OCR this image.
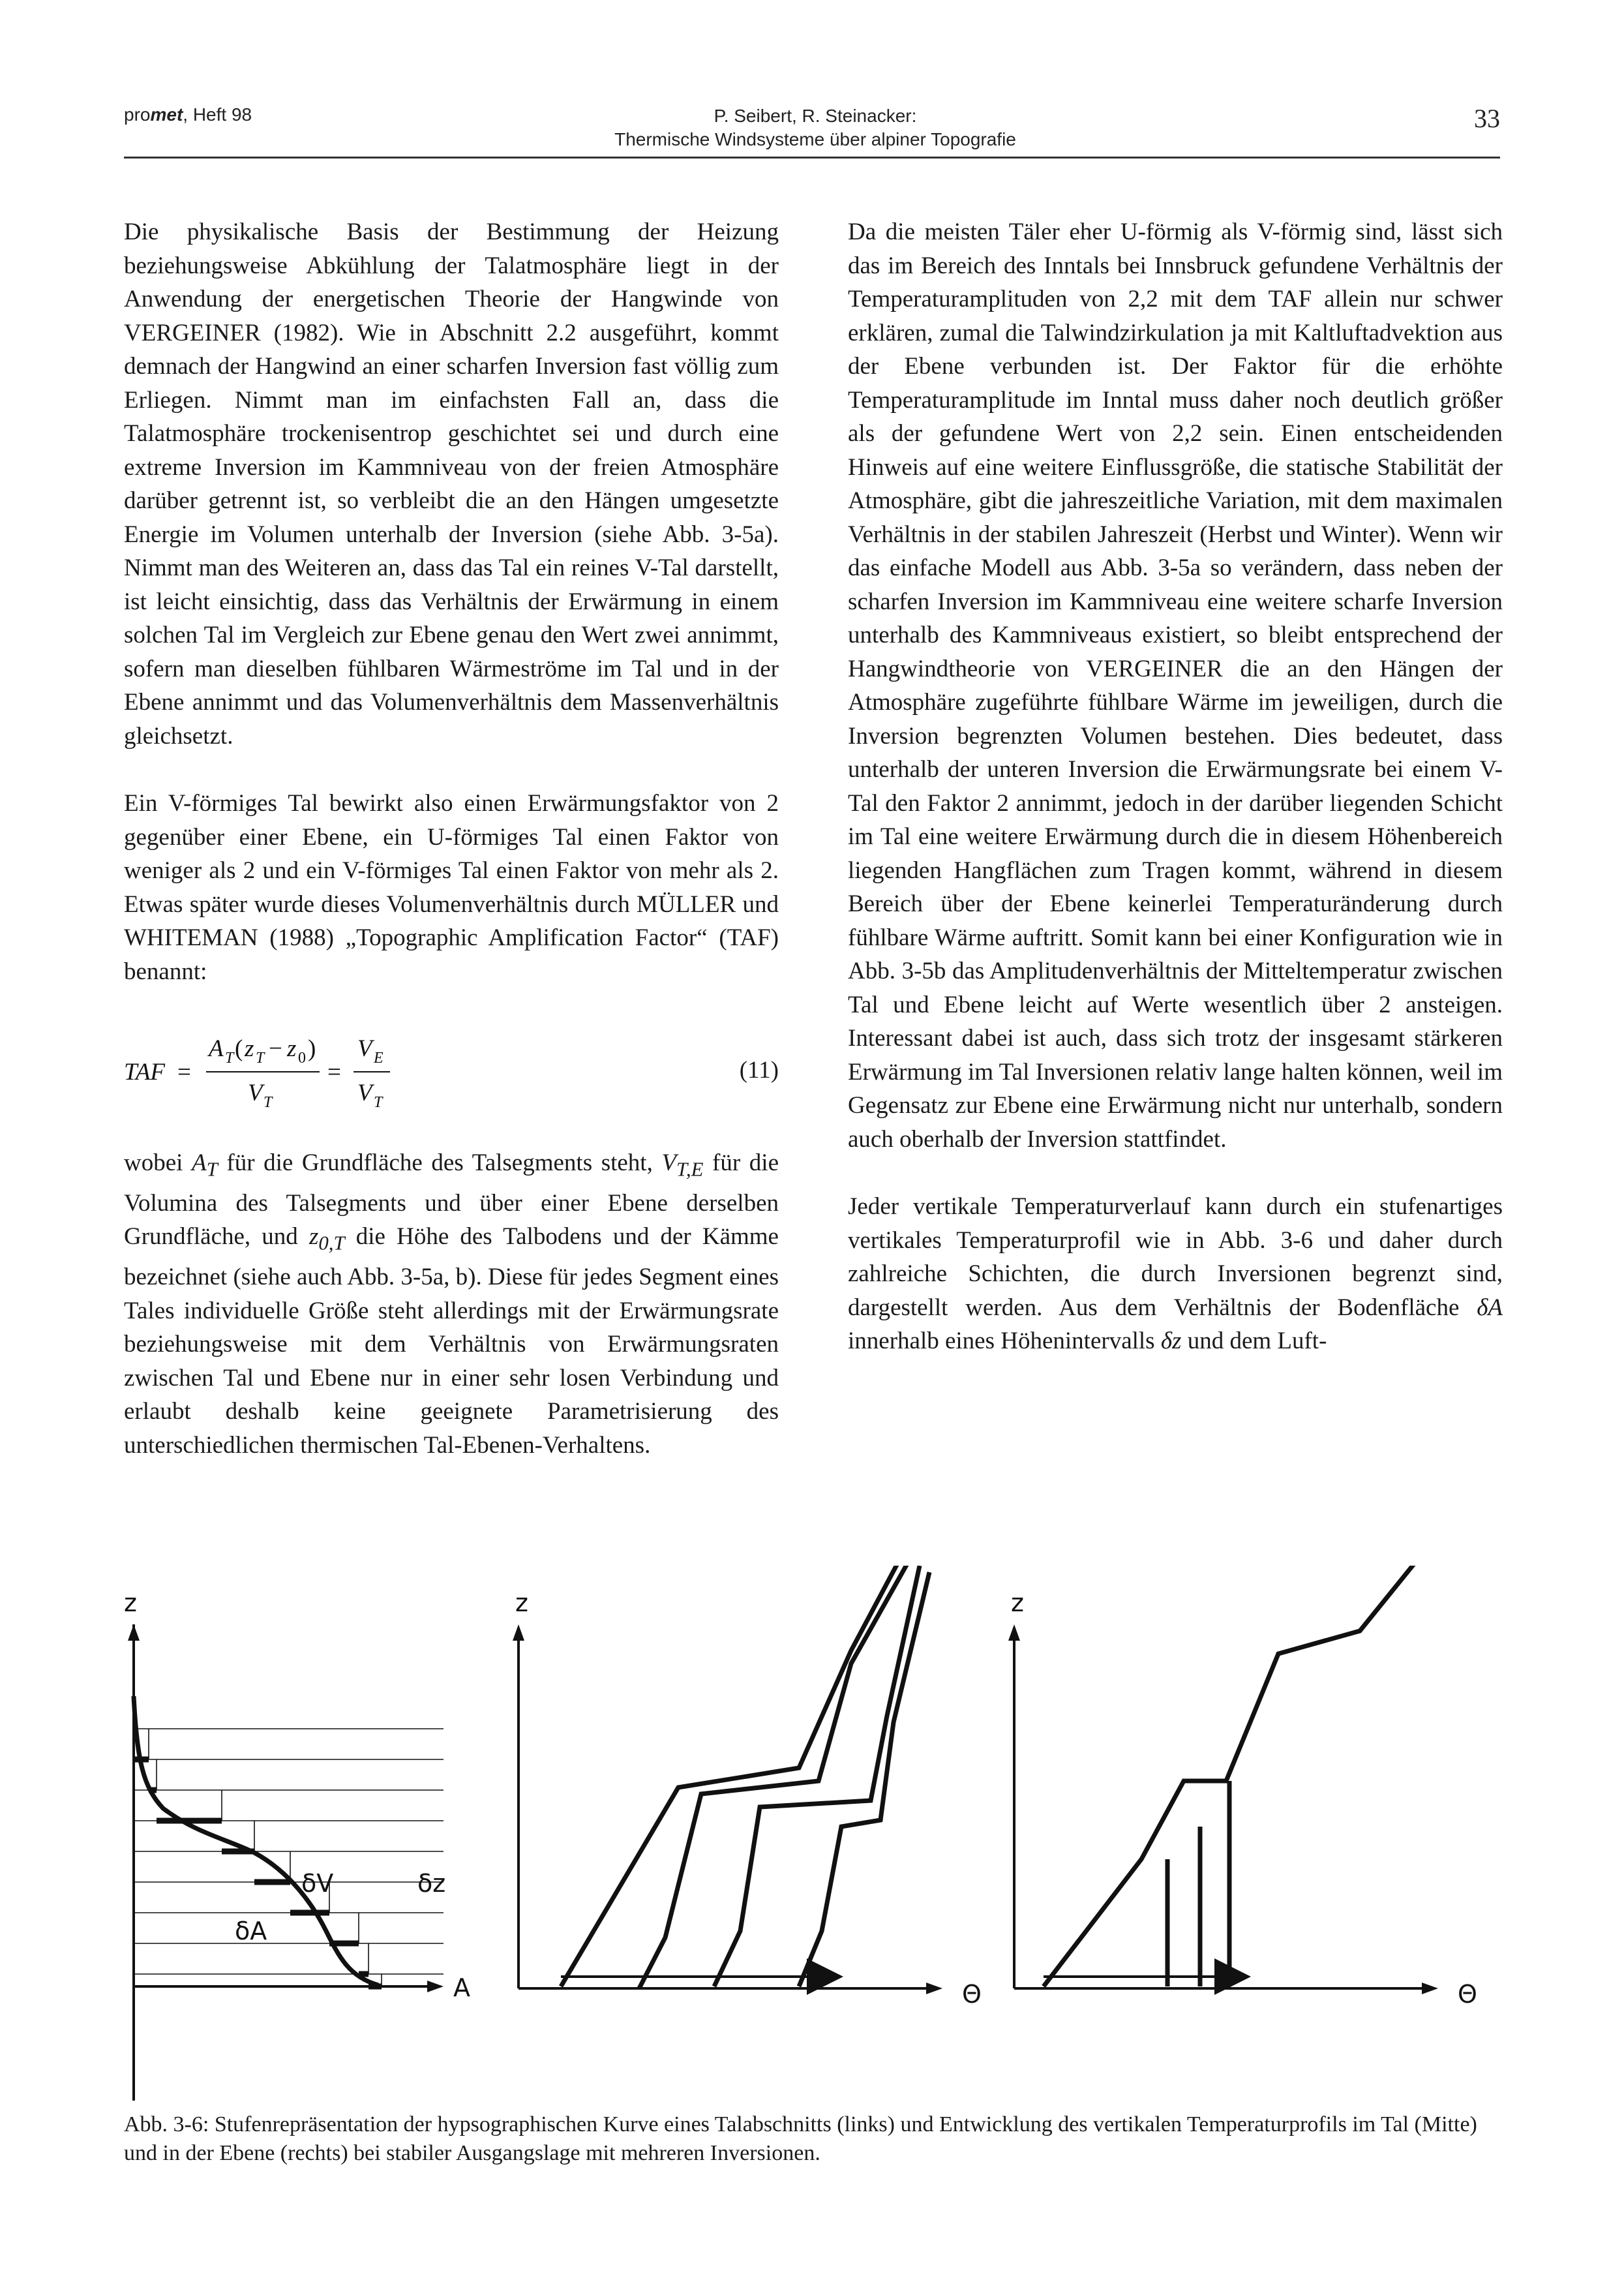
promet, Heft 98	P. Seibert, R. Steinacker:
Thermische Windsysteme über alpiner Topografie
33

Die physikalische Basis der Bestimmung der Heizung beziehungsweise Abkühlung der Talatmosphäre liegt in der Anwendung der energetischen Theorie der Hangwinde von VERGEINER (1982). Wie in Abschnitt 2.2 ausgeführt, kommt demnach der Hangwind an einer scharfen Inversion fast völlig zum Erliegen. Nimmt man im einfachsten Fall an, dass die Talatmosphäre trockenisentrop geschichtet sei und durch eine extreme Inversion im Kammniveau von der freien Atmosphäre darüber getrennt ist, so verbleibt die an den Hängen umgesetzte Energie im Volumen unterhalb der Inversion (siehe Abb. 3-5a). Nimmt man des Weiteren an, dass das Tal ein reines V-Tal darstellt, ist leicht einsichtig, dass das Verhältnis der Erwärmung in einem solchen Tal im Vergleich zur Ebene genau den Wert zwei annimmt, sofern man dieselben fühlbaren Wärmeströme im Tal und in der Ebene annimmt und das Volumenverhältnis dem Massenverhältnis gleichsetzt.

Ein V-förmiges Tal bewirkt also einen Erwärmungsfaktor von 2 gegenüber einer Ebene, ein U-förmiges Tal einen Faktor von weniger als 2 und ein V-förmiges Tal einen Faktor von mehr als 2. Etwas später wurde dieses Volumenverhältnis durch MÜLLER und WHITEMAN (1988) „Topographic Amplification Factor“ (TAF) benannt:

TAF =
A T ( z T − z 0 )
V T
=
V E
V T
(11)

wobei $A_T$ für die Grundfläche des Talsegments steht, $V_{T,E}$ für die Volumina des Talsegments und über einer Ebene derselben Grundfläche, und $z_{0,T}$ die Höhe des Talbodens und der Kämme bezeichnet (siehe auch Abb. 3-5a, b). Diese für jedes Segment eines Tales individuelle Größe steht allerdings mit der Erwärmungsrate beziehungsweise mit dem Verhältnis von Erwärmungsraten zwischen Tal und Ebene nur in einer sehr losen Verbindung und erlaubt deshalb keine geeignete Parametrisierung des unterschiedlichen thermischen Tal-Ebenen-Verhaltens.

Da die meisten Täler eher U-förmig als V-förmig sind, lässt sich das im Bereich des Inntals bei Innsbruck gefundene Verhältnis der Temperaturamplituden von 2,2 mit dem TAF allein nur schwer erklären, zumal die Talwindzirkulation ja mit Kaltluftadvektion aus der Ebene verbunden ist. Der Faktor für die erhöhte Temperaturamplitude im Inntal muss daher noch deutlich größer als der gefundene Wert von 2,2 sein. Einen entscheidenden Hinweis auf eine weitere Einflussgröße, die statische Stabilität der Atmosphäre, gibt die jahreszeitliche Variation, mit dem maximalen Verhältnis in der stabilen Jahreszeit (Herbst und Winter). Wenn wir das einfache Modell aus Abb. 3-5a so verändern, dass neben der scharfen Inversion im Kammniveau eine weitere scharfe Inversion unterhalb des Kammniveaus existiert, so bleibt entsprechend der Hangwindtheorie von VERGEINER die an den Hängen der Atmosphäre zugeführte fühlbare Wärme im jeweiligen, durch die Inversion begrenzten Volumen bestehen. Dies bedeutet, dass unterhalb der unteren Inversion die Erwärmungsrate bei einem V-Tal den Faktor 2 annimmt, jedoch in der darüber liegenden Schicht im Tal eine weitere Erwärmung durch die in diesem Höhenbereich liegenden Hangflächen zum Tragen kommt, während in diesem Bereich über der Ebene keinerlei Temperaturänderung durch fühlbare Wärme auftritt. Somit kann bei einer Konfiguration wie in Abb. 3-5b das Amplitudenverhältnis der Mitteltemperatur zwischen Tal und Ebene leicht auf Werte wesentlich über 2 ansteigen. Interessant dabei ist auch, dass sich trotz der insgesamt stärkeren Erwärmung im Tal Inversionen relativ lange halten können, weil im Gegensatz zur Ebene eine Erwärmung nicht nur unterhalb, sondern auch oberhalb der Inversion stattfindet.

Jeder vertikale Temperaturverlauf kann durch ein stufenartiges vertikales Temperaturprofil wie in Abb. 3-6 und daher durch zahlreiche Schichten, die durch Inversionen begrenzt sind, dargestellt werden. Aus dem Verhältnis der Bodenfläche δA innerhalb eines Höhenintervalls δz und dem Luft-

z
A
δV	δz
δA
z
Θ
z
Θ
Abb. 3-6: Stufenrepräsentation der hypsographischen Kurve eines Talabschnitts (links) und Entwicklung des vertikalen Temperaturprofils im Tal (Mitte) und in der Ebene (rechts) bei stabiler Ausgangslage mit mehreren Inversionen.
